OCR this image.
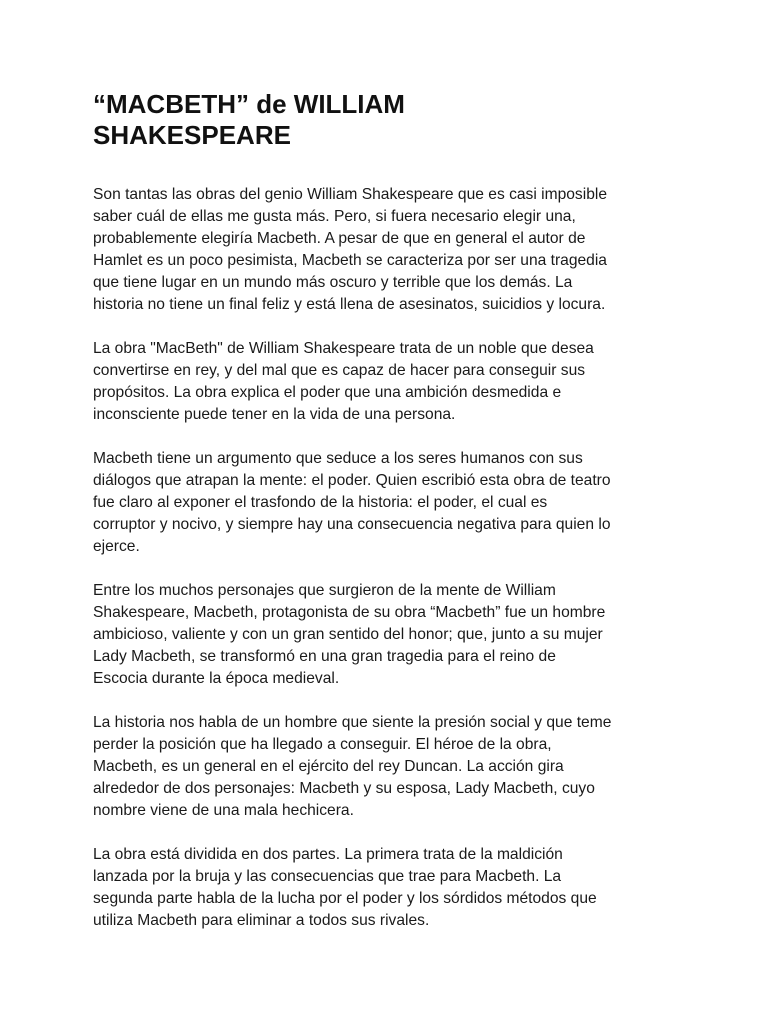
“MACBETH” de WILLIAM
SHAKESPEARE

Son tantas las obras del genio William Shakespeare que es casi imposible
saber cuál de ellas me gusta más. Pero, si fuera necesario elegir una,
probablemente elegiría Macbeth. A pesar de que en general el autor de
Hamlet es un poco pesimista, Macbeth se caracteriza por ser una tragedia
que tiene lugar en un mundo más oscuro y terrible que los demás. La
historia no tiene un final feliz y está llena de asesinatos, suicidios y locura.

La obra "MacBeth" de William Shakespeare trata de un noble que desea
convertirse en rey, y del mal que es capaz de hacer para conseguir sus
propósitos. La obra explica el poder que una ambición desmedida e
inconsciente puede tener en la vida de una persona.

Macbeth tiene un argumento que seduce a los seres humanos con sus
diálogos que atrapan la mente: el poder. Quien escribió esta obra de teatro
fue claro al exponer el trasfondo de la historia: el poder, el cual es
corruptor y nocivo, y siempre hay una consecuencia negativa para quien lo
ejerce.

Entre los muchos personajes que surgieron de la mente de William
Shakespeare, Macbeth, protagonista de su obra “Macbeth” fue un hombre
ambicioso, valiente y con un gran sentido del honor; que, junto a su mujer
Lady Macbeth, se transformó en una gran tragedia para el reino de
Escocia durante la época medieval.

La historia nos habla de un hombre que siente la presión social y que teme
perder la posición que ha llegado a conseguir. El héroe de la obra,
Macbeth, es un general en el ejército del rey Duncan. La acción gira
alrededor de dos personajes: Macbeth y su esposa, Lady Macbeth, cuyo
nombre viene de una mala hechicera.

La obra está dividida en dos partes. La primera trata de la maldición
lanzada por la bruja y las consecuencias que trae para Macbeth. La
segunda parte habla de la lucha por el poder y los sórdidos métodos que
utiliza Macbeth para eliminar a todos sus rivales.
